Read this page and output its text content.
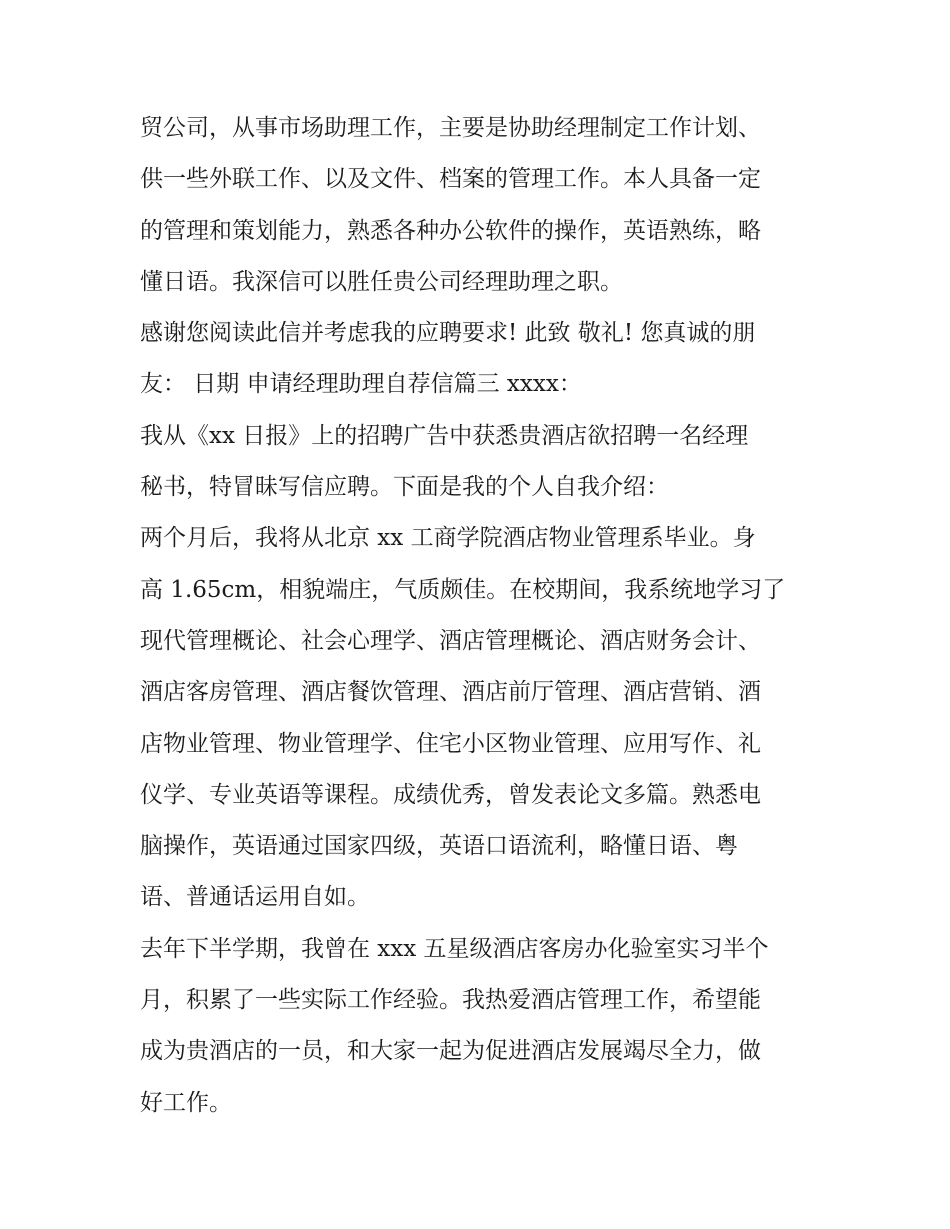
贸公司，从事市场助理工作，主要是协助经理制定工作计划、
供一些外联工作、以及文件、档案的管理工作。本人具备一定
的管理和策划能力，熟悉各种办公软件的操作，英语熟练，略
懂日语。我深信可以胜任贵公司经理助理之职。
感谢您阅读此信并考虑我的应聘要求! 此致 敬礼! 您真诚的朋
友： 日期 申请经理助理自荐信篇三 xxxx：
我从《xx 日报》上的招聘广告中获悉贵酒店欲招聘一名经理
秘书，特冒昧写信应聘。下面是我的个人自我介绍：
两个月后，我将从北京 xx 工商学院酒店物业管理系毕业。身
高 1.65cm，相貌端庄，气质颇佳。在校期间，我系统地学习了
现代管理概论、社会心理学、酒店管理概论、酒店财务会计、
酒店客房管理、酒店餐饮管理、酒店前厅管理、酒店营销、酒
店物业管理、物业管理学、住宅小区物业管理、应用写作、礼
仪学、专业英语等课程。成绩优秀，曾发表论文多篇。熟悉电
脑操作，英语通过国家四级，英语口语流利，略懂日语、粤
语、普通话运用自如。
去年下半学期，我曾在 xxx 五星级酒店客房办化验室实习半个
月，积累了一些实际工作经验。我热爱酒店管理工作，希望能
成为贵酒店的一员，和大家一起为促进酒店发展竭尽全力，做
好工作。
